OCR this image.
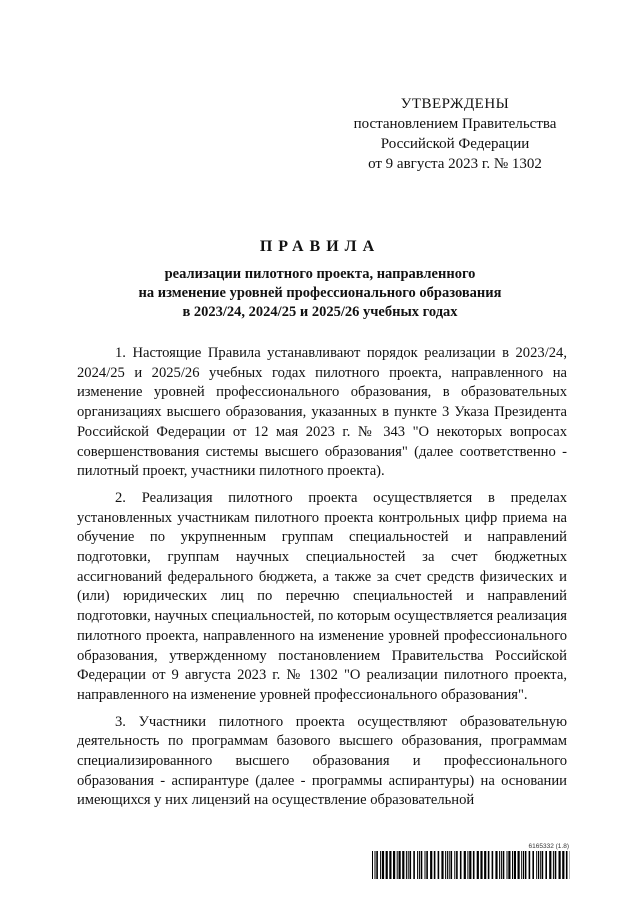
УТВЕРЖДЕНЫ
постановлением Правительства
Российской Федерации
от 9 августа 2023 г. № 1302
ПРАВИЛА
реализации пилотного проекта, направленного
на изменение уровней профессионального образования
в 2023/24, 2024/25 и 2025/26 учебных годах

1. Настоящие Правила устанавливают порядок реализации в 2023/24, 2024/25 и 2025/26 учебных годах пилотного проекта, направленного на изменение уровней профессионального образования, в образовательных организациях высшего образования, указанных в пункте 3 Указа Президента Российской Федерации от 12 мая 2023 г. № 343 "О некоторых вопросах совершенствования системы высшего образования" (далее соответственно - пилотный проект, участники пилотного проекта).

2. Реализация пилотного проекта осуществляется в пределах установленных участникам пилотного проекта контрольных цифр приема на обучение по укрупненным группам специальностей и направлений подготовки, группам научных специальностей за счет бюджетных ассигнований федерального бюджета, а также за счет средств физических и (или) юридических лиц по перечню специальностей и направлений подготовки, научных специальностей, по которым осуществляется реализация пилотного проекта, направленного на изменение уровней профессионального образования, утвержденному постановлением Правительства Российской Федерации от 9 августа 2023 г. № 1302 "О реализации пилотного проекта, направленного на изменение уровней профессионального образования".

3. Участники пилотного проекта осуществляют образовательную деятельность по программам базового высшего образования, программам специализированного высшего образования и профессионального образования - аспирантуре (далее - программы аспирантуры) на основании имеющихся у них лицензий на осуществление образовательной

6165332 (1.8)
